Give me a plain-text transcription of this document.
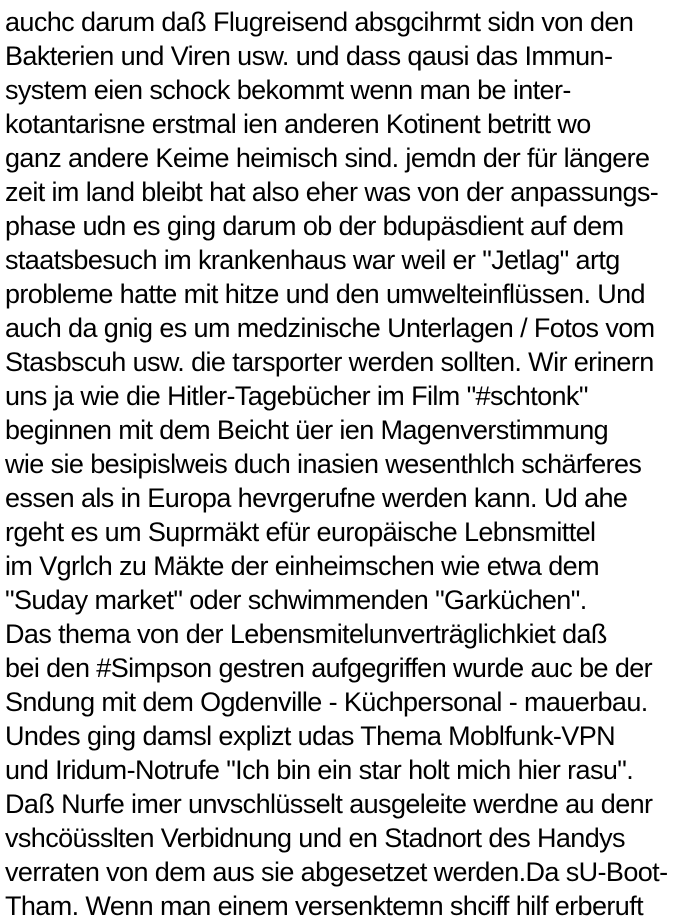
auchc darum daß Flugreisend absgcihrmt sidn von den
Bakterien und Viren usw. und dass qausi das Immun-
system eien schock bekommt wenn man be inter-
kotantarisne erstmal ien anderen Kotinent betritt wo
ganz andere Keime heimisch sind. jemdn der für längere
zeit im land bleibt hat also eher was von der anpassungs-
phase udn es ging darum ob der bdupäsdient auf dem
staatsbesuch im krankenhaus war weil er "Jetlag" artg
probleme hatte mit hitze und den umwelteinflüssen. Und
auch da gnig es um medzinische Unterlagen / Fotos vom
Stasbscuh usw. die tarsporter werden sollten. Wir erinern
uns ja wie die Hitler-Tagebücher im Film "#schtonk"
beginnen mit dem Beicht üer ien Magenverstimmung
wie sie besipislweis duch inasien wesenthlch schärferes
essen als in Europa hevrgerufne werden kann. Ud ahe
rgeht es um Suprmäkt efür europäische Lebnsmittel
im Vgrlch zu Mäkte der einheimschen wie etwa dem
"Suday market" oder schwimmenden "Garküchen".
Das thema von der Lebensmitelunverträglichkiet daß
bei den #Simpson gestren aufgegriffen wurde auc be der
Sndung mit dem Ogdenville - Küchpersonal - mauerbau.
Undes ging damsl explizt udas Thema Moblfunk-VPN
und Iridum-Notrufe "Ich bin ein star holt mich hier rasu".
Daß Nurfe imer unvschlüsselt ausgeleite werdne au denr
vshcöüsslten Verbidnung und en Stadnort des Handys
verraten von dem aus sie abgesetzet werden.Da sU-Boot-
Tham. Wenn man einem versenktemn shciff hilf erberuft
